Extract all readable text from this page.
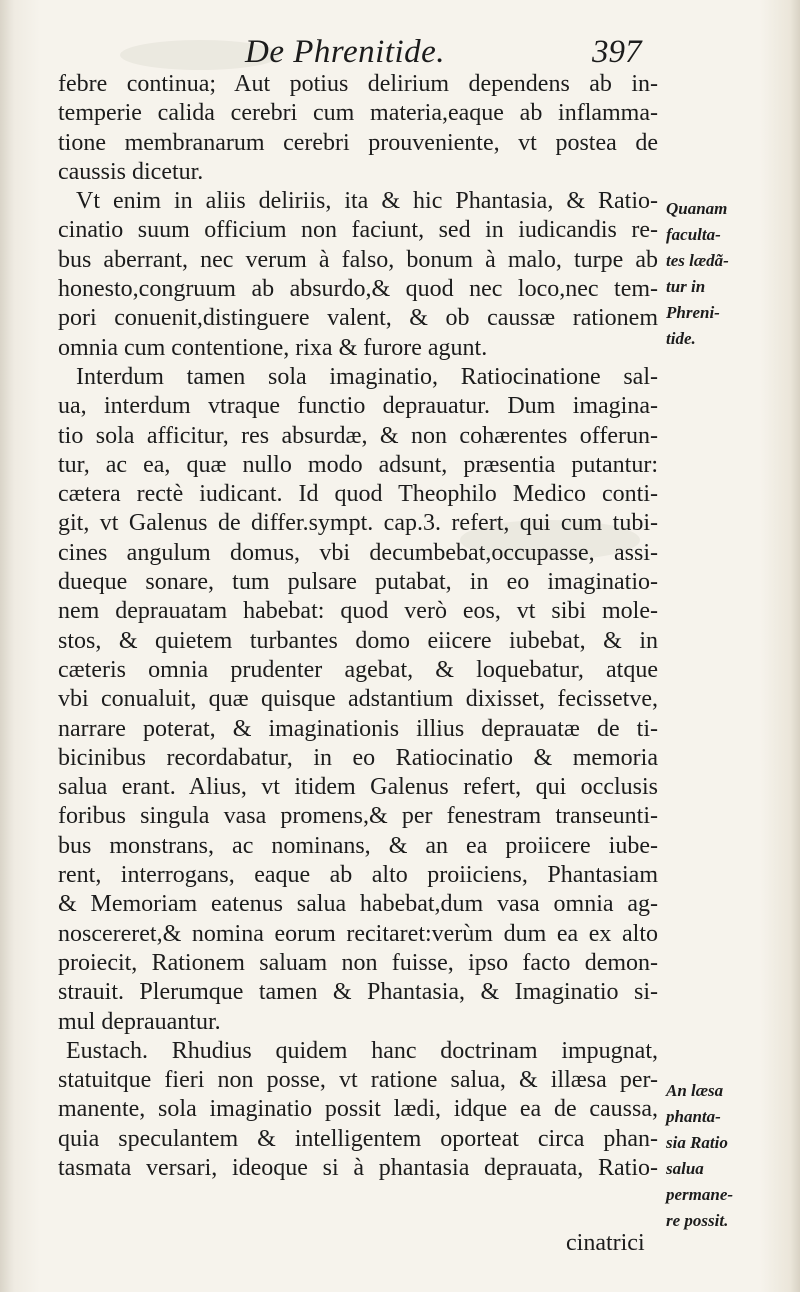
De Phrenitide.	397
febre continua; Aut potius delirium dependens ab in-
temperie calida cerebri cum materia,eaque ab inflamma-
tione membranarum cerebri prouveniente, vt postea de
caussis dicetur.
Vt enim in aliis deliriis, ita & hic Phantasia, & Ratio-
cinatio suum officium non faciunt, sed in iudicandis re-
bus aberrant, nec verum à falso, bonum à malo, turpe ab
honesto,congruum ab absurdo,& quod nec loco,nec tem-
pori conuenit,distinguere valent, & ob caussæ rationem
omnia cum contentione, rixa & furore agunt.
Interdum tamen sola imaginatio, Ratiocinatione sal-
ua, interdum vtraque functio deprauatur. Dum imagina-
tio sola afficitur, res absurdæ, & non cohærentes offerun-
tur, ac ea, quæ nullo modo adsunt, præsentia putantur:
cætera rectè iudicant. Id quod Theophilo Medico conti-
git, vt Galenus de differ.sympt. cap.3. refert, qui cum tubi-
cines angulum domus, vbi decumbebat,occupasse, assi-
dueque sonare, tum pulsare putabat, in eo imaginatio-
nem deprauatam habebat: quod verò eos, vt sibi mole-
stos, & quietem turbantes domo eiicere iubebat, & in
cæteris omnia prudenter agebat, & loquebatur, atque
vbi conualuit, quæ quisque adstantium dixisset, fecissetve,
narrare poterat, & imaginationis illius deprauatæ de ti-
bicinibus recordabatur, in eo Ratiocinatio & memoria
salua erant. Alius, vt itidem Galenus refert, qui occlusis
foribus singula vasa promens,& per fenestram transeunti-
bus monstrans, ac nominans, & an ea proiicere iube-
rent, interrogans, eaque ab alto proiiciens, Phantasiam
& Memoriam eatenus salua habebat,dum vasa omnia ag-
noscereret,& nomina eorum recitaret:verùm dum ea ex alto
proiecit, Rationem saluam non fuisse, ipso facto demon-
strauit. Plerumque tamen & Phantasia, & Imaginatio si-
mul deprauantur.
Eustach. Rhudius quidem hanc doctrinam impugnat,
statuitque fieri non posse, vt ratione salua, & illæsa per-
manente, sola imaginatio possit lædi, idque ea de caussa,
quia speculantem & intelligentem oporteat circa phan-
tasmata versari, ideoque si à phantasia deprauata, Ratio-
Quanam
faculta-
tes lædã-
tur in
Phreni-
tide.
An læsa
phanta-
sia Ratio
salua
permane-
re possit.
cinatrici
